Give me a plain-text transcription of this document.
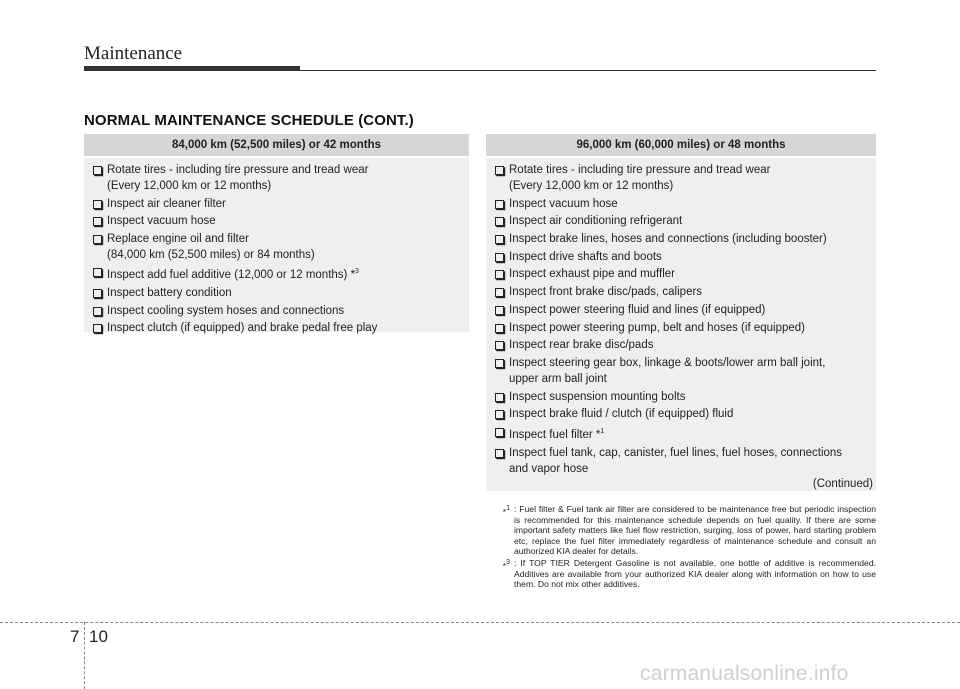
Maintenance
NORMAL MAINTENANCE SCHEDULE (CONT.)
84,000 km (52,500 miles) or 42 months
Rotate tires - including tire pressure and tread wear
(Every 12,000 km or 12 months)
Inspect air cleaner filter
Inspect vacuum hose
Replace engine oil and filter
(84,000 km (52,500 miles) or 84 months)
Inspect add fuel additive (12,000 or 12 months) *$^3$
Inspect battery condition
Inspect cooling system hoses and connections
Inspect clutch (if equipped) and brake pedal free play
96,000 km (60,000 miles) or 48 months
Rotate tires - including tire pressure and tread wear
(Every 12,000 km or 12 months)
Inspect vacuum hose
Inspect air conditioning refrigerant
Inspect brake lines, hoses and connections (including booster)
Inspect drive shafts and boots
Inspect exhaust pipe and muffler
Inspect front brake disc/pads, calipers
Inspect power steering fluid and lines (if equipped)
Inspect power steering pump, belt and hoses (if equipped)
Inspect rear brake disc/pads
Inspect steering gear box, linkage & boots/lower arm ball joint,
upper arm ball joint
Inspect suspension mounting bolts
Inspect brake fluid / clutch (if equipped) fluid
Inspect fuel filter *$^1$
Inspect fuel tank, cap, canister, fuel lines, fuel hoses, connections
and vapor hose
(Continued)
*$^1$ : Fuel filter & Fuel tank air filter are considered to be maintenance free but periodic inspection is recommended for this maintenance schedule depends on fuel quality. If there are some important safety matters like fuel flow restriction, surging, loss of power, hard starting problem etc, replace the fuel filter immediately regardless of maintenance schedule and consult an authorized KIA dealer for details.
*$^3$ : If TOP TIER Detergent Gasoline is not available, one bottle of additive is recommended. Additives are available from your authorized KIA dealer along with information on how to use them. Do not mix other additives.
7 10
carmanualsonline.info
